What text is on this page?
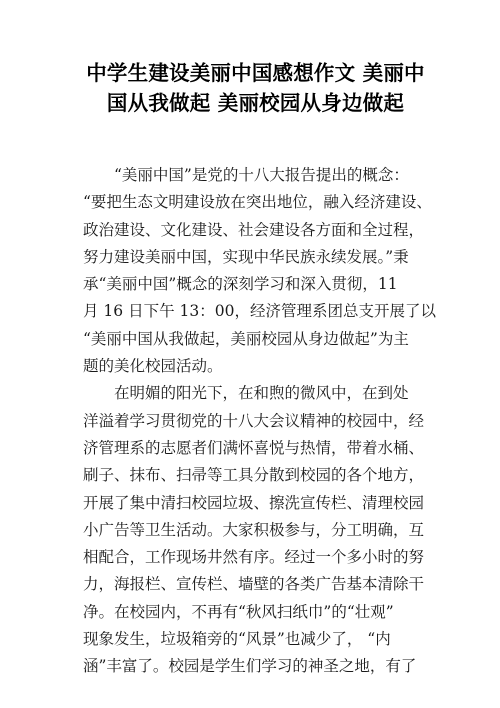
中学生建设美丽中国感想作文 美丽中
国从我做起 美丽校园从身边做起

“美丽中国”是党的十八大报告提出的概念：
“要把生态文明建设放在突出地位，融入经济建设、
政治建设、文化建设、社会建设各方面和全过程，
努力建设美丽中国，实现中华民族永续发展。”秉
承“美丽中国”概念的深刻学习和深入贯彻，11
月 16 日下午 13：00，经济管理系团总支开展了以
“美丽中国从我做起，美丽校园从身边做起”为主
题的美化校园活动。

在明媚的阳光下，在和煦的微风中，在到处
洋溢着学习贯彻党的十八大会议精神的校园中，经
济管理系的志愿者们满怀喜悦与热情，带着水桶、
刷子、抹布、扫帚等工具分散到校园的各个地方，
开展了集中清扫校园垃圾、擦洗宣传栏、清理校园
小广告等卫生活动。大家积极参与，分工明确，互
相配合，工作现场井然有序。经过一个多小时的努
力，海报栏、宣传栏、墙壁的各类广告基本清除干
净。在校园内，不再有“秋风扫纸巾”的“壮观”
现象发生，垃圾箱旁的“风景”也减少了， “内
涵”丰富了。校园是学生们学习的神圣之地，有了
